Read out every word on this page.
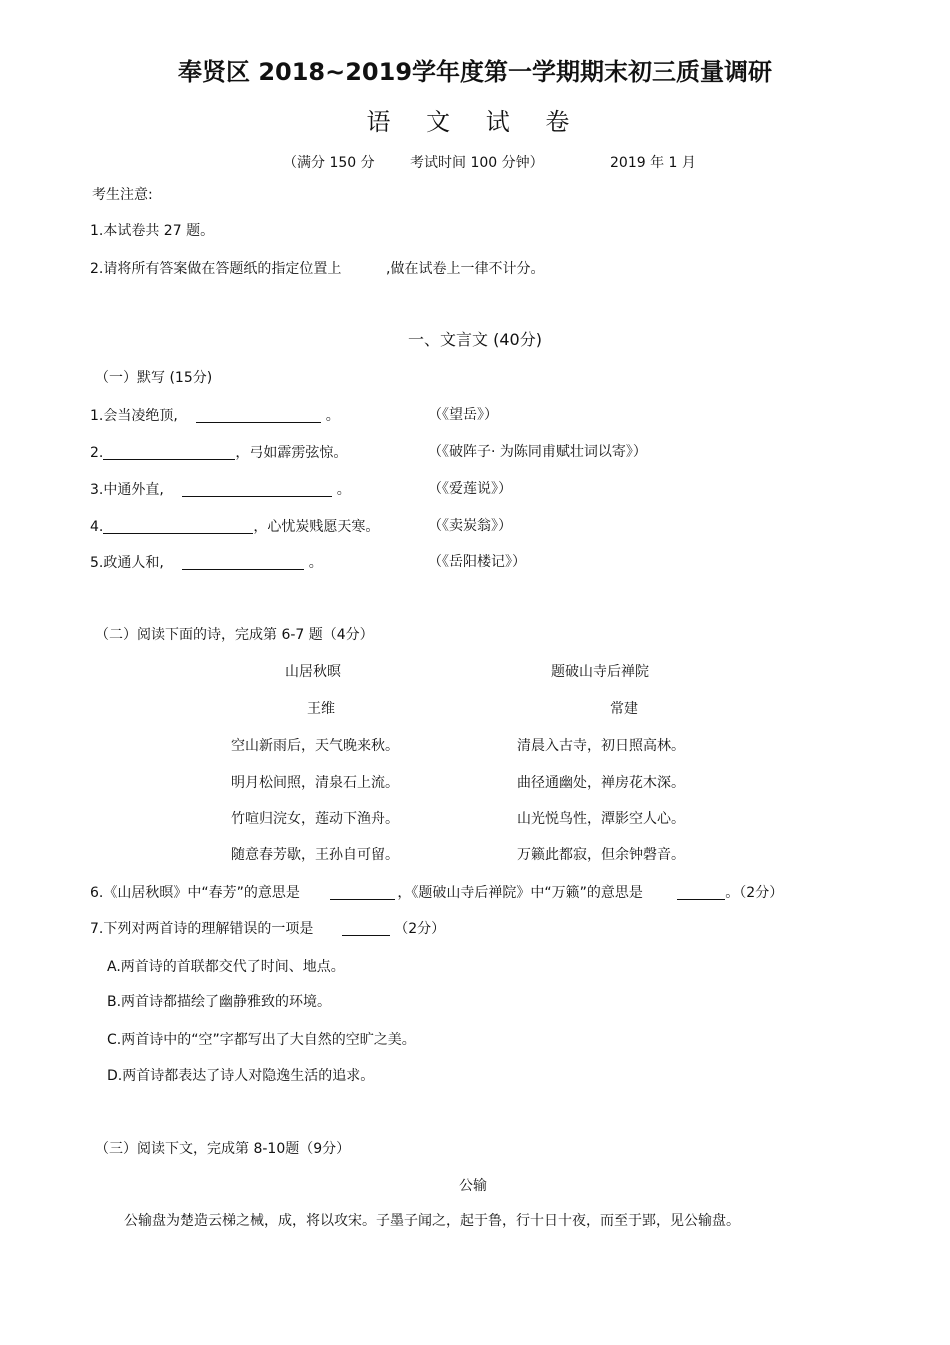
奉贤区 2018~2019学年度第一学期期末初三质量调研
语 文 试 卷
（满分 150 分	考试时间 100 分钟）	2019 年 1 月
考生注意:
1.本试卷共 27 题。
2.请将所有答案做在答题纸的指定位置上	,做在试卷上一律不计分。
一、文言文 (40分)
（一）默写 (15分)
1.会当凌绝顶,	。	（《望岳》）
2.	，弓如霹雳弦惊。	（《破阵子· 为陈同甫赋壮词以寄》）
3.中通外直,	。	（《爱莲说》）
4.	，心忧炭贱愿天寒。	（《卖炭翁》）
5.政通人和,	。	（《岳阳楼记》）
（二）阅读下面的诗，完成第 6-7 题（4分）
山居秋暝
王维
空山新雨后，天气晚来秋。
明月松间照，清泉石上流。
竹喧归浣女，莲动下渔舟。
随意春芳歇，王孙自可留。
题破山寺后禅院
常建
清晨入古寺，初日照高林。
曲径通幽处，禅房花木深。
山光悦鸟性，潭影空人心。
万籁此都寂，但余钟磬音。
6.《山居秋暝》中“春芳”的意思是	，《题破山寺后禅院》中“万籁”的意思是	。（2分）
7.下列对两首诗的理解错误的一项是	（2分）
A.两首诗的首联都交代了时间、地点。
B.两首诗都描绘了幽静雅致的环境。
C.两首诗中的“空”字都写出了大自然的空旷之美。
D.两首诗都表达了诗人对隐逸生活的追求。
（三）阅读下文，完成第 8-10题（9分）
公输
公输盘为楚造云梯之械，成，将以攻宋。子墨子闻之，起于鲁，行十日十夜，而至于郢，见公输盘。
